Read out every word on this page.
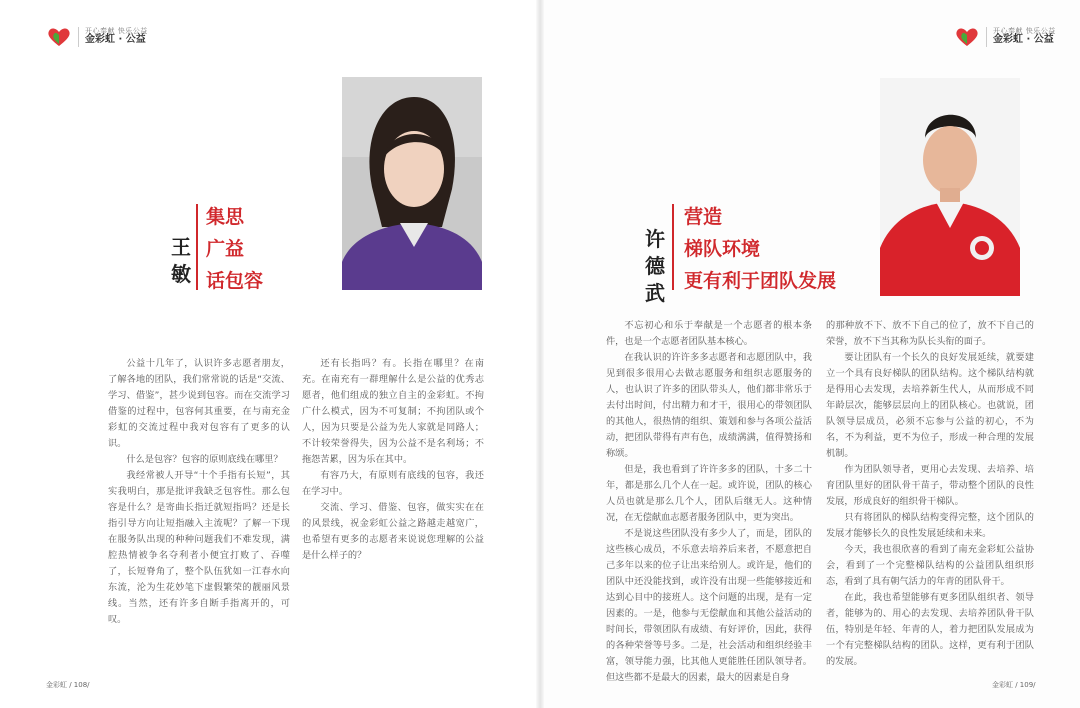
开心奉献 快乐公益
金彩虹 · 公益
王
敏
集思
广益
话包容

公益十几年了，认识许多志愿者朋友，了解各地的团队，我们常常说的话是“交流、学习、借鉴”，甚少说到包容。而在交流学习借鉴的过程中，包容何其重要，在与南充金彩虹的交流过程中我对包容有了更多的认识。

什么是包容？包容的原则底线在哪里？

我经常被人开导“十个手指有长短”，其实我明白，那是批评我缺乏包容性。那么包容是什么？是寄曲长指迁就短指吗？还是长指引导方向让短指融入主流呢？了解一下现在服务队出现的种种问题我们不难发现，满腔热情被争名夺利者小便宜打败了、吞噬了，长短脊角了，整个队伍犹如一江春水向东流，沦为生花妙笔下虚假繁荣的靓丽风景线。当然，还有许多自断手指离开的，可叹。

还有长指吗？有。长指在哪里？在南充。在南充有一群理解什么是公益的优秀志愿者，他们组成的独立自主的金彩虹。不拘广什么模式，因为不可复制；不拘团队或个人，因为只要是公益为先人家就是同路人；不计较荣誉得失，因为公益不是名利场；不拖怨苦累，因为乐在其中。

有容乃大，有原则有底线的包容，我还在学习中。

交流、学习、借鉴、包容，做实实在在的风景线，祝金彩虹公益之路越走越宽广，也希望有更多的志愿者来说说您理解的公益是什么样子的？

金彩虹 / 108/
开心奉献 快乐公益
金彩虹 · 公益
许
德
武
营造
梯队环境
更有利于团队发展

不忘初心和乐于奉献是一个志愿者的根本条件，也是一个志愿者团队基本核心。

在我认识的许许多多志愿者和志愿团队中，我见到很多很用心去做志愿服务和组织志愿服务的人，也认识了许多的团队带头人，他们都非常乐于去付出时间，付出精力和才干，很用心的带领团队的其他人，很热情的组织、策划和参与各项公益活动，把团队带得有声有色，成绩满满，值得赞扬和称颂。

但是，我也看到了许许多多的团队，十多二十年，都是那么几个人在一起。或许说，团队的核心人员也就是那么几个人，团队后继无人。这种情况，在无偿献血志愿者服务团队中，更为突出。

不是说这些团队没有多少人了，而是，团队的这些核心成员，不乐意去培养后来者，不愿意把自己多年以来的位子让出来给别人。或许是，他们的团队中还没能找到，或许没有出现一些能够接近和达到心目中的接班人。这个问题的出现，是有一定因素的。一是，他参与无偿献血和其他公益活动的时间长，带领团队有成绩、有好评价，因此，获得的各种荣誉等号多。二是，社会活动和组织经验丰富，领导能力强，比其他人更能胜任团队领导者。但这些都不是最大的因素，最大的因素是自身

的那种放不下、放不下自己的位了，放不下自己的荣誉，放不下当其称为队长头衔的面子。

要让团队有一个长久的良好发展延续，就要建立一个具有良好梯队的团队结构。这个梯队结构就是得用心去发现，去培养新生代人，从而形成不同年龄层次，能够层层向上的团队核心。也就说，团队领导层成员，必须不忘参与公益的初心，不为名，不为利益，更不为位子，形成一种合理的发展机制。

作为团队领导者，更用心去发现、去培养、培育团队里好的团队骨干苗子，带动整个团队的良性发展，形成良好的组织骨干梯队。

只有将团队的梯队结构变得完整，这个团队的发展才能够长久的良性发展延续和未来。

今天，我也很欣喜的看到了南充金彩虹公益协会，看到了一个完整梯队结构的公益团队组织形态，看到了具有朝气活力的年青的团队骨干。

在此，我也希望能够有更多团队组织者、领导者，能够为的、用心的去发现、去培养团队骨干队伍，特别是年轻、年青的人，着力把团队发展成为一个有完整梯队结构的团队。这样，更有利于团队的发展。

金彩虹 / 109/
